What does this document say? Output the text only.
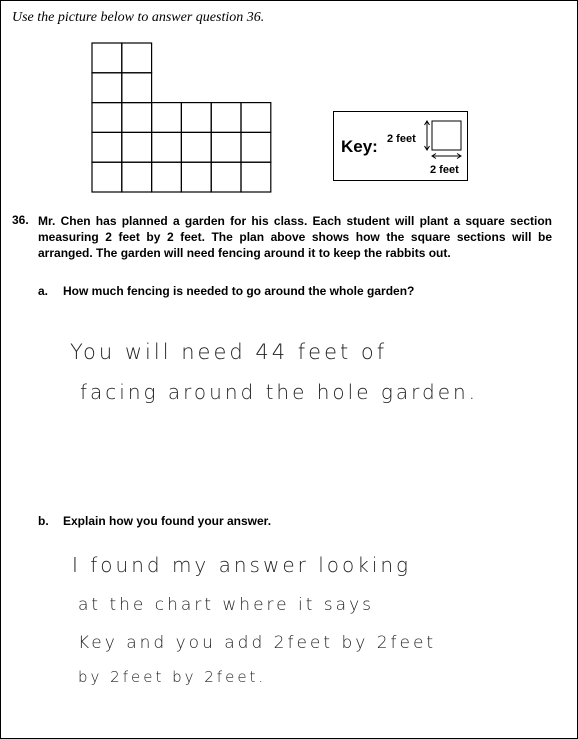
Use the picture below to answer question 36.
Key: 2 feet
2 feet
36. Mr. Chen has planned a garden for his class. Each student will plant a square section measuring 2 feet by 2 feet. The plan above shows how the square sections will be arranged. The garden will need fencing around it to keep the rabbits out.
a. How much fencing is needed to go around the whole garden?
You will need 44 feet of
facing around the hole garden.
b. Explain how you found your answer.
I found my answer looking
at the chart where it says
Key and you add 2feet by 2feet
by 2feet by 2feet.
